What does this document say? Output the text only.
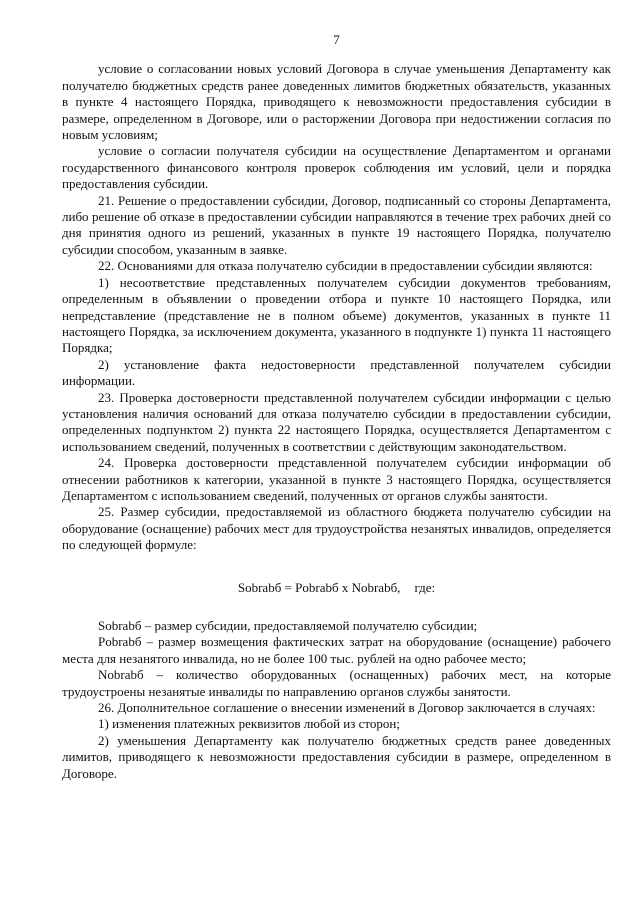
7

условие о согласовании новых условий Договора в случае уменьшения Департаменту как получателю бюджетных средств ранее доведенных лимитов бюджетных обязательств, указанных в пункте 4 настоящего Порядка, приводящего к невозможности предоставления субсидии в размере, определенном в Договоре, или о расторжении Договора при недостижении согласия по новым условиям;

условие о согласии получателя субсидии на осуществление Департаментом и органами государственного финансового контроля проверок соблюдения им условий, цели и порядка предоставления субсидии.

21. Решение о предоставлении субсидии, Договор, подписанный со стороны Департамента, либо решение об отказе в предоставлении субсидии направляются в течение трех рабочих дней со дня принятия одного из решений, указанных в пункте 19 настоящего Порядка, получателю субсидии способом, указанным в заявке.

22. Основаниями для отказа получателю субсидии в предоставлении субсидии являются:

1) несоответствие представленных получателем субсидии документов требованиям, определенным в объявлении о проведении отбора и пункте 10 настоящего Порядка, или непредставление (представление не в полном объеме) документов, указанных в пункте 11 настоящего Порядка, за исключением документа, указанного в подпункте 1) пункта 11 настоящего Порядка;

2) установление факта недостоверности представленной получателем субсидии информации.

23. Проверка достоверности представленной получателем субсидии информации с целью установления наличия оснований для отказа получателю субсидии в предоставлении субсидии, определенных подпунктом 2) пункта 22 настоящего Порядка, осуществляется Департаментом с использованием сведений, полученных в соответствии с действующим законодательством.

24. Проверка достоверности представленной получателем субсидии информации об отнесении работников к категории, указанной в пункте 3 настоящего Порядка, осуществляется Департаментом с использованием сведений, полученных от органов службы занятости.

25. Размер субсидии, предоставляемой из областного бюджета получателю субсидии на оборудование (оснащение) рабочих мест для трудоустройства незанятых инвалидов, определяется по следующей формуле:

Sobrabб = Pobrabб x Nobrabб, где:

Sobrabб – размер субсидии, предоставляемой получателю субсидии;

Pobrabб – размер возмещения фактических затрат на оборудование (оснащение) рабочего места для незанятого инвалида, но не более 100 тыс. рублей на одно рабочее место;

Nobrabб – количество оборудованных (оснащенных) рабочих мест, на которые трудоустроены незанятые инвалиды по направлению органов службы занятости.

26. Дополнительное соглашение о внесении изменений в Договор заключается в случаях:

1) изменения платежных реквизитов любой из сторон;

2) уменьшения Департаменту как получателю бюджетных средств ранее доведенных лимитов, приводящего к невозможности предоставления субсидии в размере, определенном в Договоре.
